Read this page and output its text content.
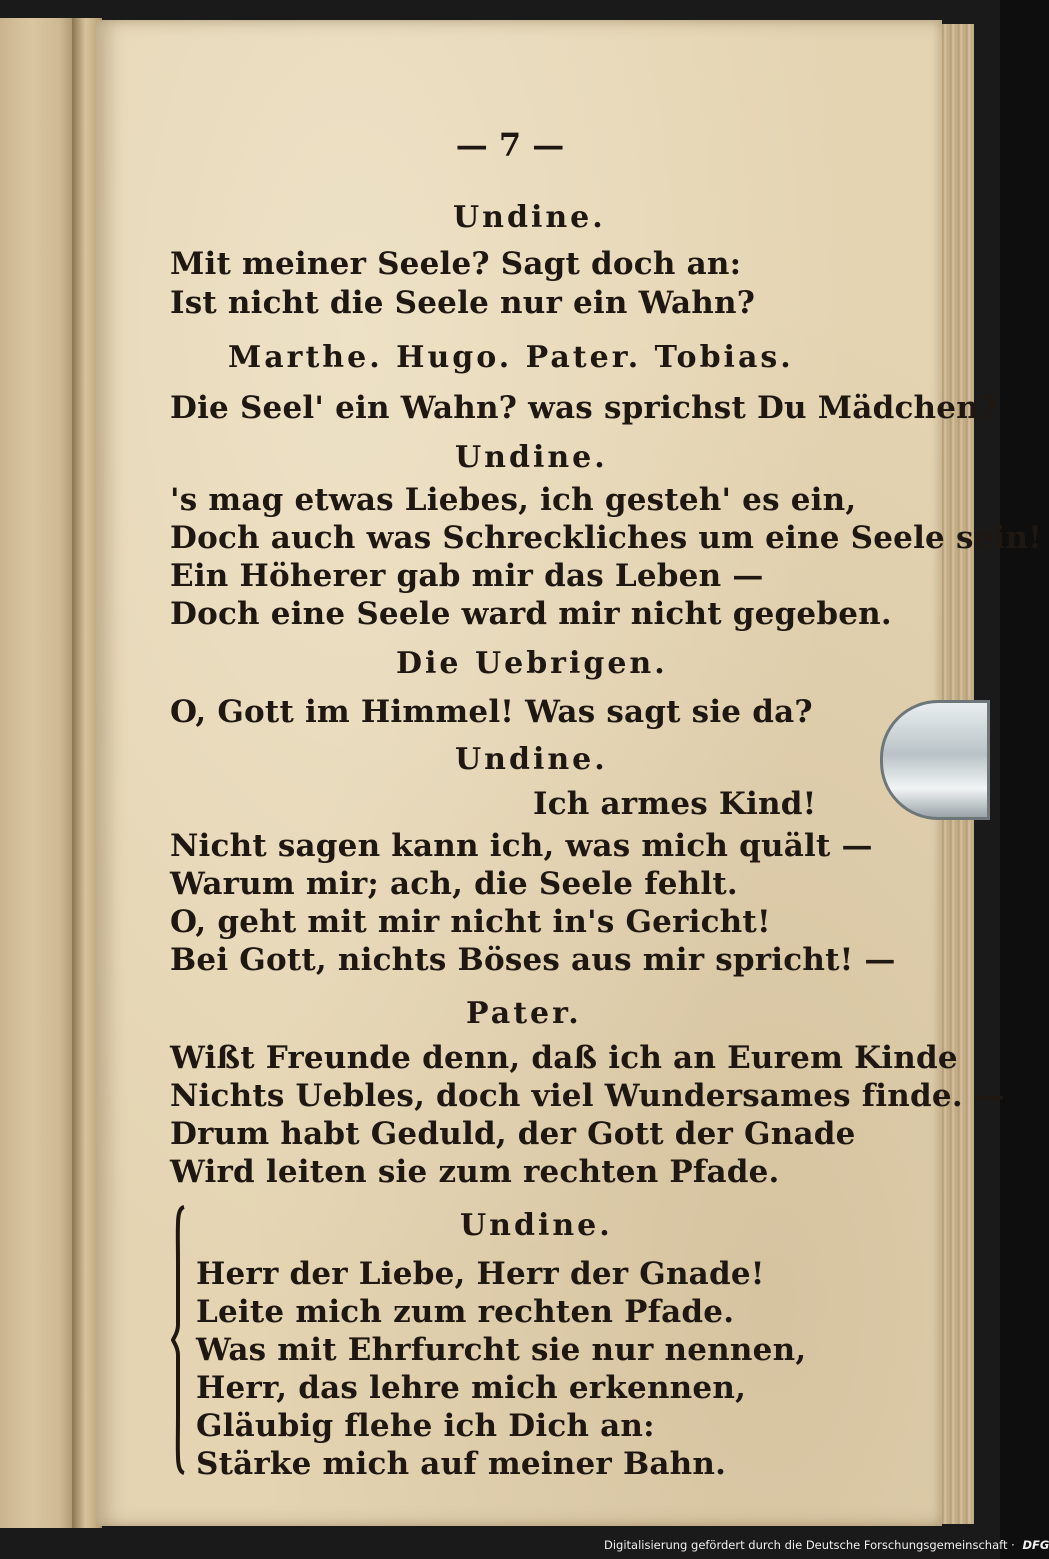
— 7 —

Undine.

Mit meiner Seele? Sagt doch an:

Ist nicht die Seele nur ein Wahn?

Marthe. Hugo. Pater. Tobias.

Die Seel' ein Wahn? was sprichst Du Mädchen?

Undine.

's mag etwas Liebes, ich gesteh' es ein,

Doch auch was Schreckliches um eine Seele sein!

Ein Höherer gab mir das Leben —

Doch eine Seele ward mir nicht gegeben.

Die Uebrigen.

O, Gott im Himmel! Was sagt sie da?

Undine.

Ich armes Kind!

Nicht sagen kann ich, was mich quält —

Warum mir; ach, die Seele fehlt.

O, geht mit mir nicht in's Gericht!

Bei Gott, nichts Böses aus mir spricht! —

Pater.

Wißt Freunde denn, daß ich an Eurem Kinde

Nichts Uebles, doch viel Wundersames finde. —

Drum habt Geduld, der Gott der Gnade

Wird leiten sie zum rechten Pfade.

Undine.

Herr der Liebe, Herr der Gnade!

Leite mich zum rechten Pfade.

Was mit Ehrfurcht sie nur nennen,

Herr, das lehre mich erkennen,

Gläubig flehe ich Dich an:

Stärke mich auf meiner Bahn.

Digitalisierung gefördert durch die Deutsche Forschungsgemeinschaft · DFG
